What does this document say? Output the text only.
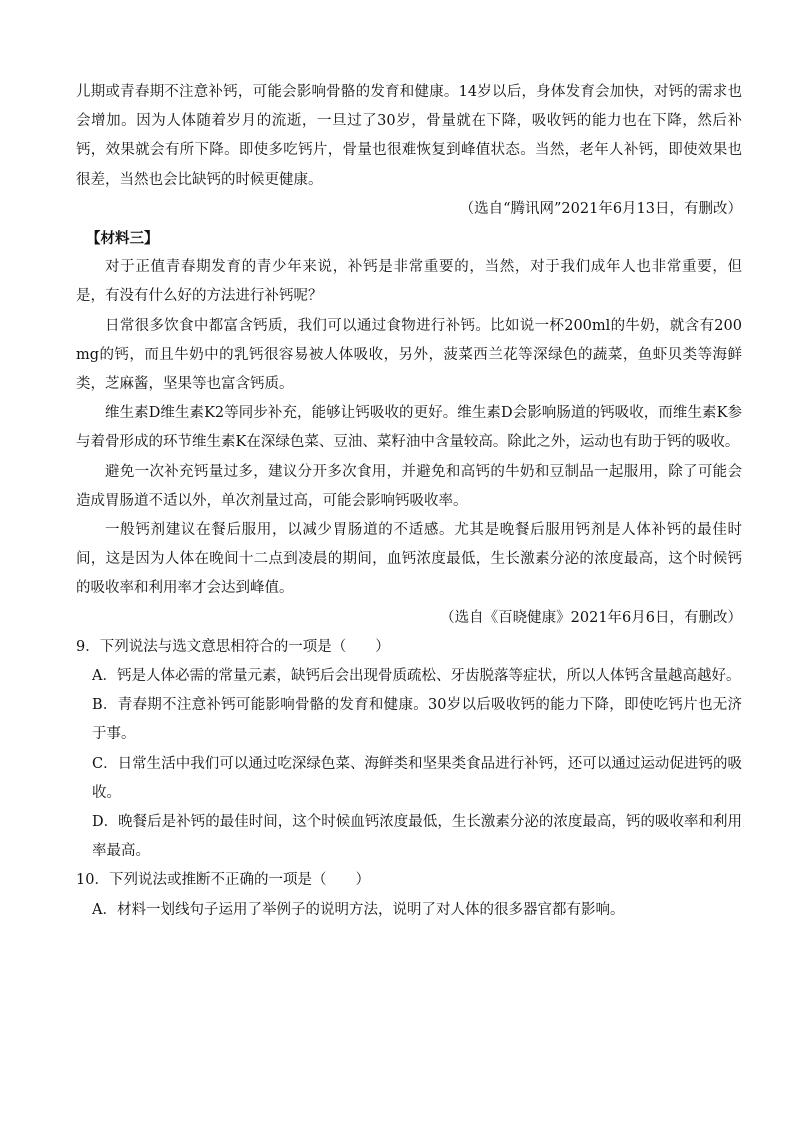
儿期或青春期不注意补钙，可能会影响骨骼的发育和健康。14岁以后，身体发育会加快，对钙的需求也会增加。因为人体随着岁月的流逝，一旦过了30岁，骨量就在下降，吸收钙的能力也在下降，然后补钙，效果就会有所下降。即使多吃钙片，骨量也很难恢复到峰值状态。当然，老年人补钙，即使效果也很差，当然也会比缺钙的时候更健康。

（选自“腾讯网”2021年6月13日，有删改）

【材料三】

对于正值青春期发育的青少年来说，补钙是非常重要的，当然，对于我们成年人也非常重要，但是，有没有什么好的方法进行补钙呢？

日常很多饮食中都富含钙质，我们可以通过食物进行补钙。比如说一杯200ml的牛奶，就含有200mg的钙，而且牛奶中的乳钙很容易被人体吸收，另外，菠菜西兰花等深绿色的蔬菜，鱼虾贝类等海鲜类，芝麻酱，坚果等也富含钙质。

维生素D维生素K2等同步补充，能够让钙吸收的更好。维生素D会影响肠道的钙吸收，而维生素K参与着骨形成的环节维生素K在深绿色菜、豆油、菜籽油中含量较高。除此之外，运动也有助于钙的吸收。

避免一次补充钙量过多，建议分开多次食用，并避免和高钙的牛奶和豆制品一起服用，除了可能会造成胃肠道不适以外，单次剂量过高，可能会影响钙吸收率。

一般钙剂建议在餐后服用，以减少胃肠道的不适感。尤其是晚餐后服用钙剂是人体补钙的最佳时间，这是因为人体在晚间十二点到凌晨的期间，血钙浓度最低，生长激素分泌的浓度最高，这个时候钙的吸收率和利用率才会达到峰值。

（选自《百晓健康》2021年6月6日，有删改）

9．下列说法与选文意思相符合的一项是（　　）

A．钙是人体必需的常量元素，缺钙后会出现骨质疏松、牙齿脱落等症状，所以人体钙含量越高越好。

B．青春期不注意补钙可能影响骨骼的发育和健康。30岁以后吸收钙的能力下降，即使吃钙片也无济于事。

C．日常生活中我们可以通过吃深绿色菜、海鲜类和坚果类食品进行补钙，还可以通过运动促进钙的吸收。

D．晚餐后是补钙的最佳时间，这个时候血钙浓度最低，生长激素分泌的浓度最高，钙的吸收率和利用率最高。

10．下列说法或推断不正确的一项是（　　）

A．材料一划线句子运用了举例子的说明方法，说明了对人体的很多器官都有影响。
